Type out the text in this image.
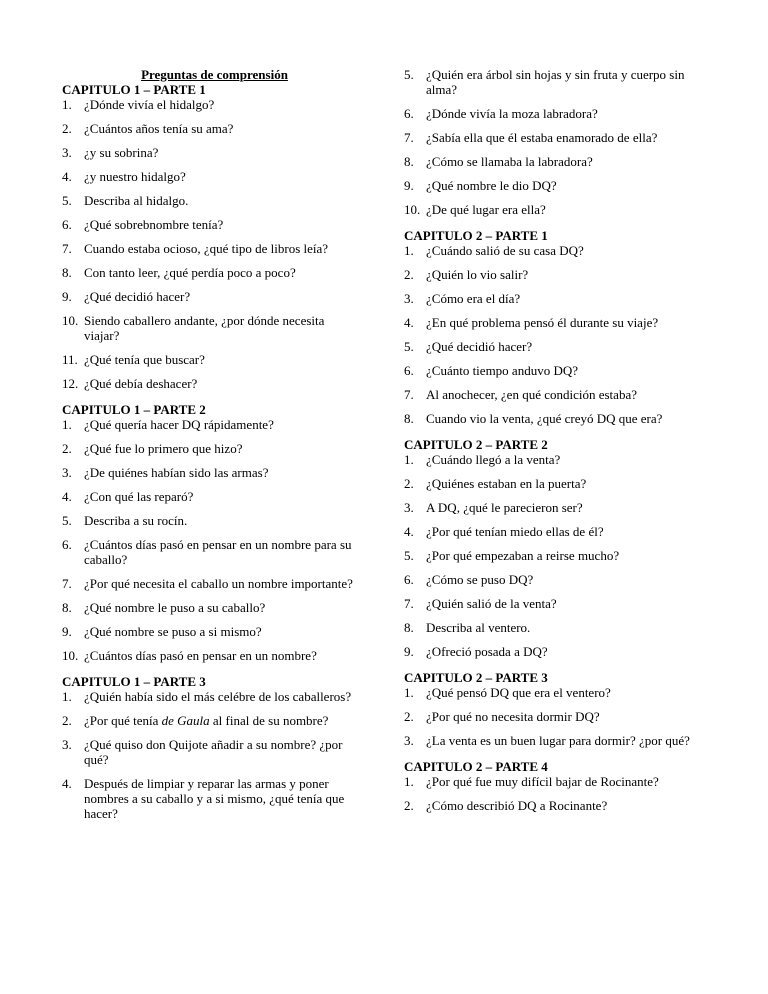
Preguntas de comprensión

CAPITULO 1 – PARTE 1

1. ¿Dónde vivía el hidalgo?
2. ¿Cuántos años tenía su ama?
3. ¿y su sobrina?
4. ¿y nuestro hidalgo?
5. Describa al hidalgo.
6. ¿Qué sobrebnombre tenía?
7. Cuando estaba ocioso, ¿qué tipo de libros leía?
8. Con tanto leer, ¿qué perdía poco a poco?
9. ¿Qué decidió hacer?
10. Siendo caballero andante, ¿por dónde necesita viajar?
11. ¿Qué tenía que buscar?
12. ¿Qué debía deshacer?

CAPITULO 1 – PARTE 2

1. ¿Qué quería hacer DQ rápidamente?
2. ¿Qué fue lo primero que hizo?
3. ¿De quiénes habían sido las armas?
4. ¿Con qué las reparó?
5. Describa a su rocín.
6. ¿Cuántos días pasó en pensar en un nombre para su caballo?
7. ¿Por qué necesita el caballo un nombre importante?
8. ¿Qué nombre le puso a su caballo?
9. ¿Qué nombre se puso a si mismo?
10. ¿Cuántos días pasó en pensar en un nombre?

CAPITULO 1 – PARTE 3

1. ¿Quién había sido el más celébre de los caballeros?
2. ¿Por qué tenía de Gaula al final de su nombre?
3. ¿Qué quiso don Quijote añadir a su nombre? ¿por qué?
4. Después de limpiar y reparar las armas y poner nombres a su caballo y a si mismo, ¿qué tenía que hacer?
5. ¿Quién era árbol sin hojas y sin fruta y cuerpo sin alma?
6. ¿Dónde vivía la moza labradora?
7. ¿Sabía ella que él estaba enamorado de ella?
8. ¿Cómo se llamaba la labradora?
9. ¿Qué nombre le dio DQ?
10. ¿De qué lugar era ella?

CAPITULO 2 – PARTE 1

1. ¿Cuándo salió de su casa DQ?
2. ¿Quién lo vio salir?
3. ¿Cómo era el día?
4. ¿En qué problema pensó él durante su viaje?
5. ¿Qué decidió hacer?
6. ¿Cuánto tiempo anduvo DQ?
7. Al anochecer, ¿en qué condición estaba?
8. Cuando vio la venta, ¿qué creyó DQ que era?

CAPITULO 2 – PARTE 2

1. ¿Cuándo llegó a la venta?
2. ¿Quiénes estaban en la puerta?
3. A DQ, ¿qué le parecieron ser?
4. ¿Por qué tenían miedo ellas de él?
5. ¿Por qué empezaban a reirse mucho?
6. ¿Cómo se puso DQ?
7. ¿Quién salió de la venta?
8. Describa al ventero.
9. ¿Ofreció posada a DQ?

CAPITULO 2 – PARTE 3

1. ¿Qué pensó DQ que era el ventero?
2. ¿Por qué no necesita dormir DQ?
3. ¿La venta es un buen lugar para dormir? ¿por qué?

CAPITULO 2 – PARTE 4

1. ¿Por qué fue muy difícil bajar de Rocinante?
2. ¿Cómo describió DQ a Rocinante?
